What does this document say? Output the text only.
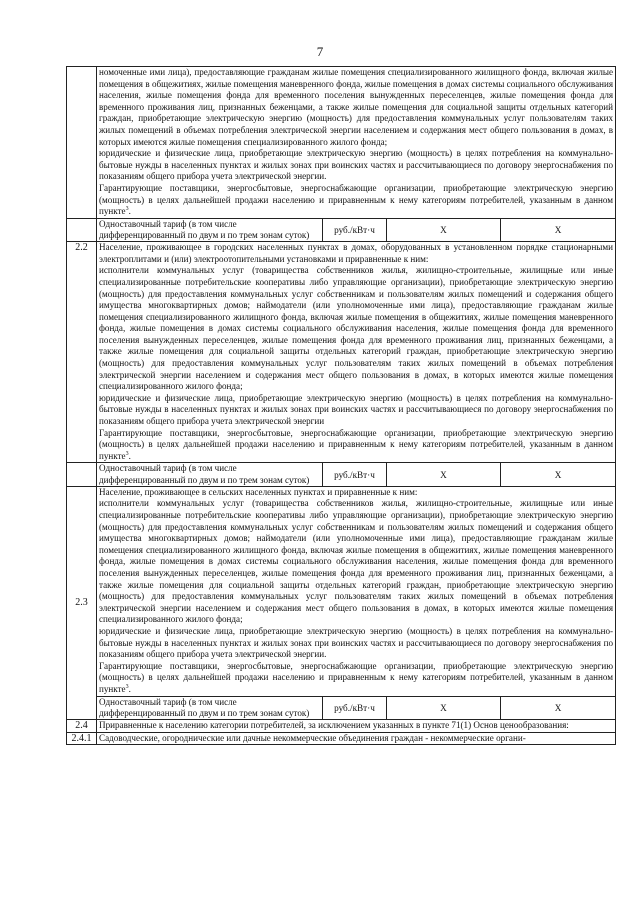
7

	номоченные ими лица), предоставляющие гражданам жилые помещения специализированного жилищного фонда, включая жилые помещения в общежитиях, жилые помещения маневренного фонда, жилые помещения в домах системы социального обслуживания населения, жилые помещения фонда для временного поселения вынужденных переселенцев, жилые помещения фонда для временного проживания лиц, признанных беженцами, а также жилые помещения для социальной защиты отдельных категорий граждан, приобретающие электрическую энергию (мощность) для предоставления коммунальных услуг пользователям таких жилых помещений в объемах потребления электрической энергии населением и содержания мест общего пользования в домах, в которых имеются жилые помещения специализированного жилого фонда;
юридические и физические лица, приобретающие электрическую энергию (мощность) в целях потребления на коммунально-бытовые нужды в населенных пунктах и жилых зонах при воинских частях и рассчитывающиеся по договору энергоснабжения по показаниям общего прибора учета электрической энергии.
Гарантирующие поставщики, энергосбытовые, энергоснабжающие организации, приобретающие электрическую энергию (мощность) в целях дальнейшей продажи населению и приравненным к нему категориям потребителей, указанным в данном пункте$^3$.			

	Одноставочный тариф (в том числе дифференцированный по двум и по трем зонам суток)	руб./кВт·ч	Х	Х
2.2	Население, проживающее в городских населенных пунктах в домах, оборудованных в установленном порядке стационарными электроплитами и (или) электроотопительными установками и приравненные к ним:
исполнители коммунальных услуг (товарищества собственников жилья, жилищно-строительные, жилищные или иные специализированные потребительские кооперативы либо управляющие организации), приобретающие электрическую энергию (мощность) для предоставления коммунальных услуг собственникам и пользователям жилых помещений и содержания общего имущества многоквартирных домов; наймодатели (или уполномоченные ими лица), предоставляющие гражданам жилые помещения специализированного жилищного фонда, включая жилые помещения в общежитиях, жилые помещения маневренного фонда, жилые помещения в домах системы социального обслуживания населения, жилые помещения фонда для временного поселения вынужденных переселенцев, жилые помещения фонда для временного проживания лиц, признанных беженцами, а также жилые помещения для социальной защиты отдельных категорий граждан, приобретающие электрическую энергию (мощность) для предоставления коммунальных услуг пользователям таких жилых помещений в объемах потребления электрической энергии населением и содержания мест общего пользования в домах, в которых имеются жилые помещения специализированного жилого фонда;
юридические и физические лица, приобретающие электрическую энергию (мощность) в целях потребления на коммунально-бытовые нужды в населенных пунктах и жилых зонах при воинских частях и рассчитывающиеся по договору энергоснабжения по показаниям общего прибора учета электрической энергии
Гарантирующие поставщики, энергосбытовые, энергоснабжающие организации, приобретающие электрическую энергию (мощность) в целях дальнейшей продажи населению и приравненным к нему категориям потребителей, указанным в данном пункте$^3$.			

	Одноставочный тариф (в том числе дифференцированный по двум и по трем зонам суток)	руб./кВт·ч	Х	Х
2.3	Население, проживающее в сельских населенных пунктах и приравненные к ним:
исполнители коммунальных услуг (товарищества собственников жилья, жилищно-строительные, жилищные или иные специализированные потребительские кооперативы либо управляющие организации), приобретающие электрическую энергию (мощность) для предоставления коммунальных услуг собственникам и пользователям жилых помещений и содержания общего имущества многоквартирных домов; наймодатели (или уполномоченные ими лица), предоставляющие гражданам жилые помещения специализированного жилищного фонда, включая жилые помещения в общежитиях, жилые помещения маневренного фонда, жилые помещения в домах системы социального обслуживания населения, жилые помещения фонда для временного поселения вынужденных переселенцев, жилые помещения фонда для временного проживания лиц, признанных беженцами, а также жилые помещения для социальной защиты отдельных категорий граждан, приобретающие электрическую энергию (мощность) для предоставления коммунальных услуг пользователям таких жилых помещений в объемах потребления электрической энергии населением и содержания мест общего пользования в домах, в которых имеются жилые помещения специализированного жилого фонда;
юридические и физические лица, приобретающие электрическую энергию (мощность) в целях потребления на коммунально-бытовые нужды в населенных пунктах и жилых зонах при воинских частях и рассчитывающиеся по договору энергоснабжения по показаниям общего прибора учета электрической энергии.
Гарантирующие поставщики, энергосбытовые, энергоснабжающие организации, приобретающие электрическую энергию (мощность) в целях дальнейшей продажи населению и приравненным к нему категориям потребителей, указанным в данном пункте$^3$.			

	Одноставочный тариф (в том числе дифференцированный по двум и по трем зонам суток)	руб./кВт·ч	Х	Х
2.4	Приравненные к населению категории потребителей, за исключением указанных в пункте 71(1) Основ ценообразования:			
2.4.1	Садоводческие, огороднические или дачные некоммерческие объединения граждан - некоммерческие органи-			
